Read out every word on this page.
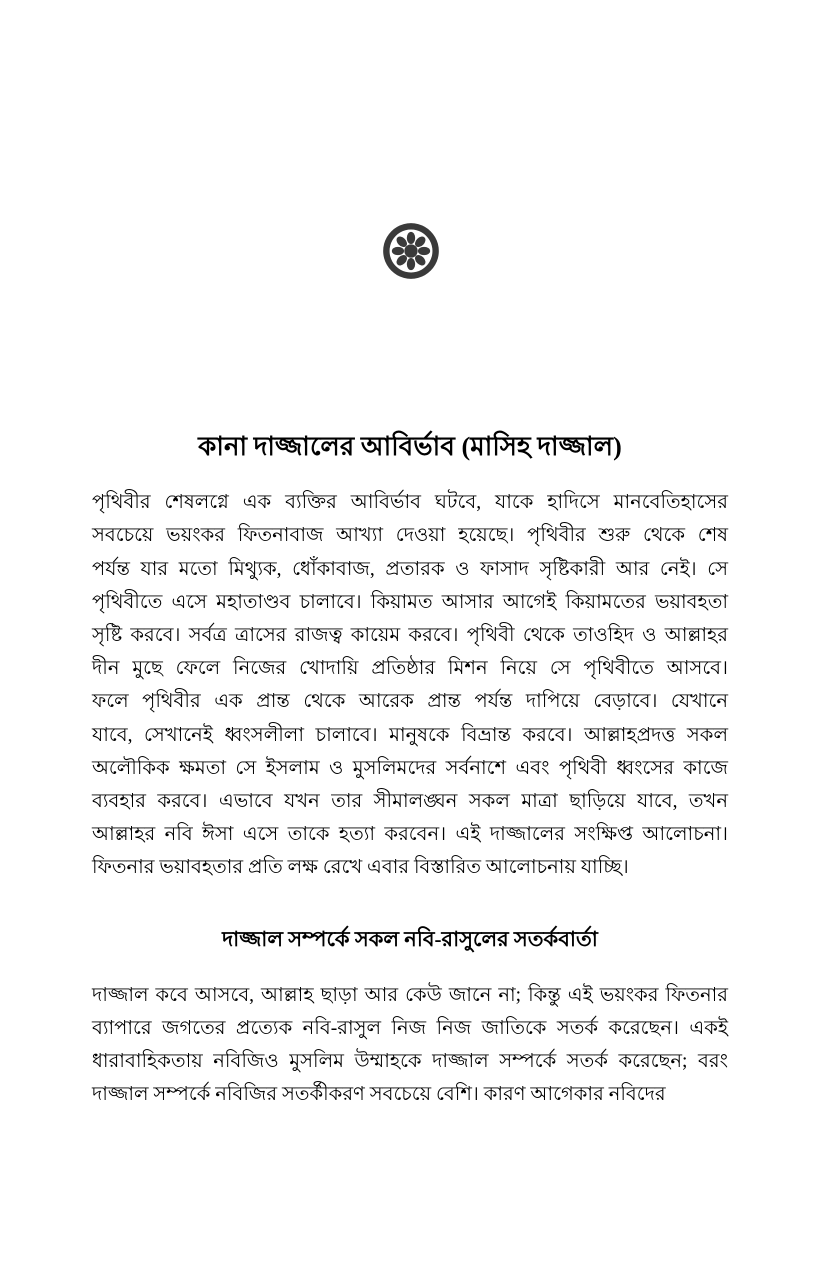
কানা দাজ্জালের আবির্ভাব (মাসিহ দাজ্জাল)

পৃথিবীর শেষলগ্নে এক ব্যক্তির আবির্ভাব ঘটবে, যাকে হাদিসে মানবেতিহাসের
সবচেয়ে ভয়ংকর ফিতনাবাজ আখ্যা দেওয়া হয়েছে। পৃথিবীর শুরু থেকে শেষ
পর্যন্ত যার মতো মিথ্যুক, ধোঁকাবাজ, প্রতারক ও ফাসাদ সৃষ্টিকারী আর নেই। সে
পৃথিবীতে এসে মহাতাণ্ডব চালাবে। কিয়ামত আসার আগেই কিয়ামতের ভয়াবহতা
সৃষ্টি করবে। সর্বত্র ত্রাসের রাজত্ব কায়েম করবে। পৃথিবী থেকে তাওহিদ ও আল্লাহর
দীন মুছে ফেলে নিজের খোদায়ি প্রতিষ্ঠার মিশন নিয়ে সে পৃথিবীতে আসবে।
ফলে পৃথিবীর এক প্রান্ত থেকে আরেক প্রান্ত পর্যন্ত দাপিয়ে বেড়াবে। যেখানে
যাবে, সেখানেই ধ্বংসলীলা চালাবে। মানুষকে বিভ্রান্ত করবে। আল্লাহপ্রদত্ত সকল
অলৌকিক ক্ষমতা সে ইসলাম ও মুসলিমদের সর্বনাশে এবং পৃথিবী ধ্বংসের কাজে
ব্যবহার করবে। এভাবে যখন তার সীমালঙ্ঘন সকল মাত্রা ছাড়িয়ে যাবে, তখন
আল্লাহর নবি ঈসা এসে তাকে হত্যা করবেন। এই দাজ্জালের সংক্ষিপ্ত আলোচনা।
ফিতনার ভয়াবহতার প্রতি লক্ষ রেখে এবার বিস্তারিত আলোচনায় যাচ্ছি।

দাজ্জাল সম্পর্কে সকল নবি-রাসুলের সতর্কবার্তা

দাজ্জাল কবে আসবে, আল্লাহ ছাড়া আর কেউ জানে না; কিন্তু এই ভয়ংকর ফিতনার
ব্যাপারে জগতের প্রত্যেক নবি-রাসুল নিজ নিজ জাতিকে সতর্ক করেছেন। একই
ধারাবাহিকতায় নবিজিও মুসলিম উম্মাহকে দাজ্জাল সম্পর্কে সতর্ক করেছেন; বরং
দাজ্জাল সম্পর্কে নবিজির সতর্কীকরণ সবচেয়ে বেশি। কারণ আগেকার নবিদের
